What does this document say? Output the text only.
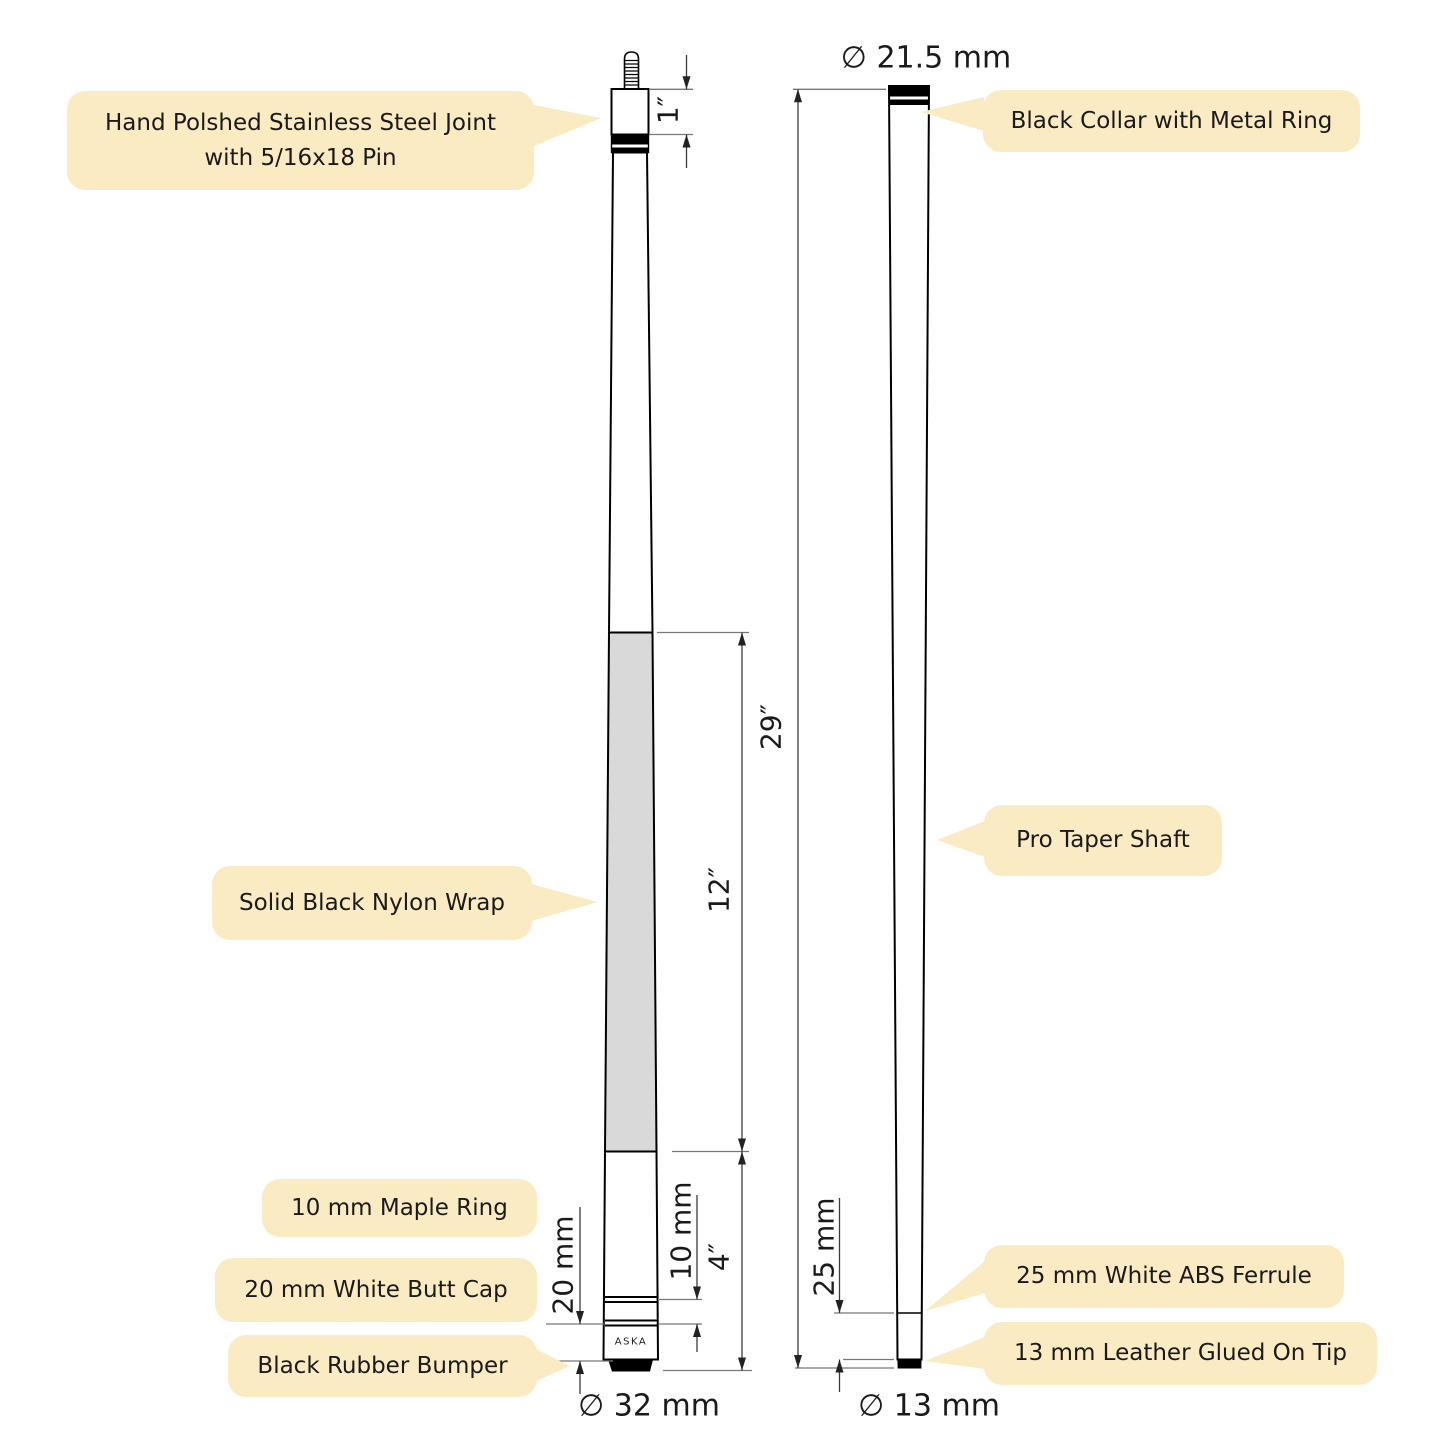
Hand Polshed Stainless Steel Joint
with 5/16x18 Pin
Black Collar with Metal Ring
Solid Black Nylon Wrap
Pro Taper Shaft
10 mm Maple Ring
20 mm White Butt Cap
Black Rubber Bumper
25 mm White ABS Ferrule
13 mm Leather Glued On Tip
1″
12″
4″
29″
10 mm
20 mm	25 mm
∅ 21.5 mm
∅ 32 mm	∅ 13 mm
ASKA
